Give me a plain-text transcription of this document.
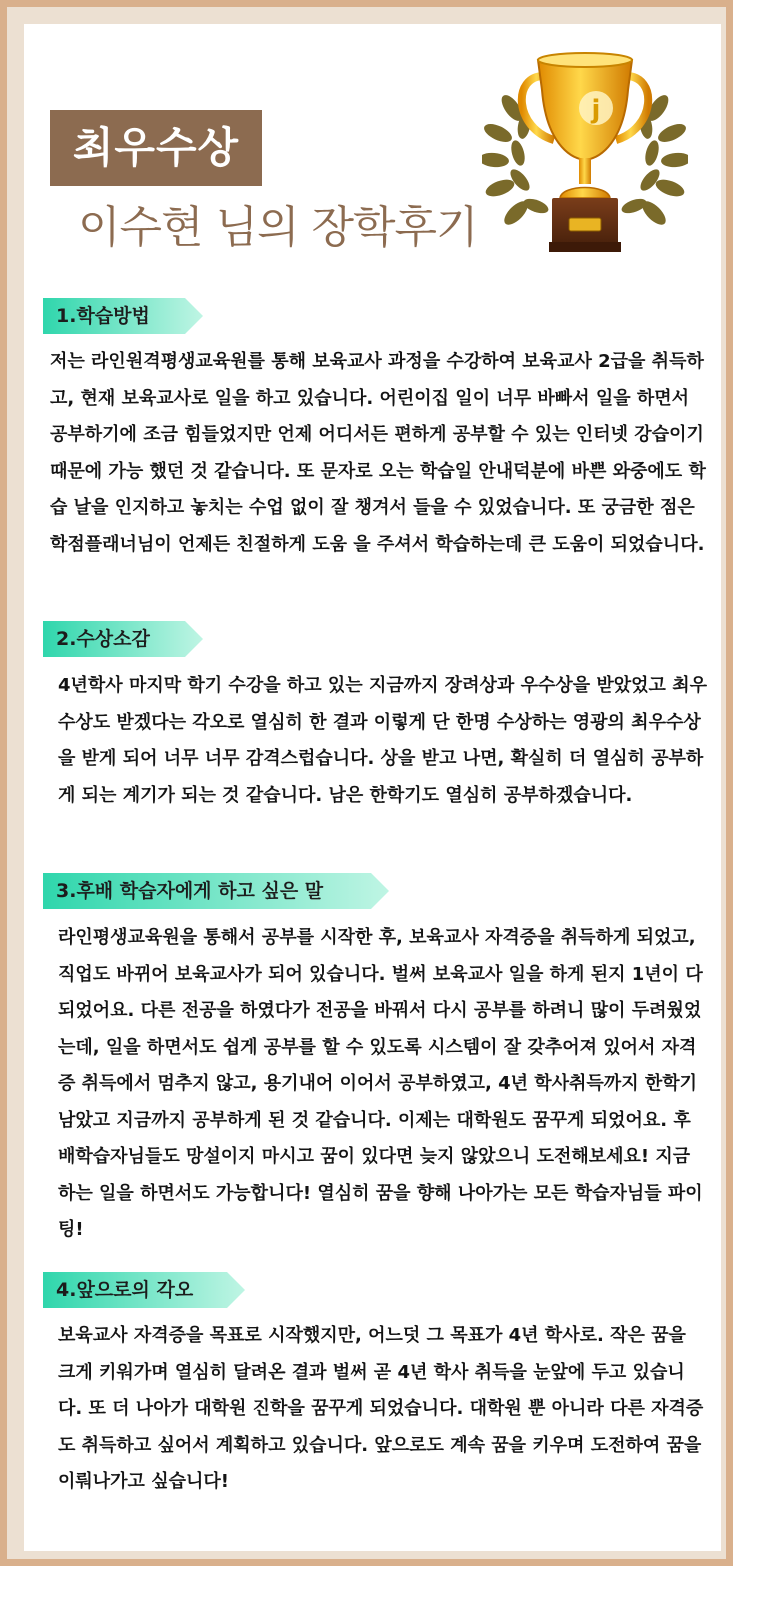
최우수상
이수현 님의 장학후기
j
1.학습방법

저는 라인원격평생교육원를 통해 보육교사 과정을 수강하여 보육교사 2급을 취득하고, 현재 보육교사로 일을 하고 있습니다. 어린이집 일이 너무 바빠서 일을 하면서 공부하기에 조금 힘들었지만 언제 어디서든 편하게 공부할 수 있는 인터넷 강습이기 때문에 가능 했던 것 같습니다. 또 문자로 오는 학습일 안내덕분에 바쁜 와중에도 학습 날을 인지하고 놓치는 수업 없이 잘 챙겨서 들을 수 있었습니다. 또 궁금한 점은 학점플래너님이 언제든 친절하게 도움 을 주셔서 학습하는데 큰 도움이 되었습니다.

2.수상소감

4년학사 마지막 학기 수강을 하고 있는 지금까지 장려상과 우수상을 받았었고 최우수상도 받겠다는 각오로 열심히 한 결과 이렇게 단 한명 수상하는 영광의 최우수상을 받게 되어 너무 너무 감격스럽습니다. 상을 받고 나면, 확실히 더 열심히 공부하게 되는 계기가 되는 것 같습니다. 남은 한학기도 열심히 공부하겠습니다.

3.후배 학습자에게 하고 싶은 말

라인평생교육원을 통해서 공부를 시작한 후, 보육교사 자격증을 취득하게 되었고, 직업도 바뀌어 보육교사가 되어 있습니다. 벌써 보육교사 일을 하게 된지 1년이 다되었어요. 다른 전공을 하였다가 전공을 바꿔서 다시 공부를 하려니 많이 두려웠었는데, 일을 하면서도 쉽게 공부를 할 수 있도록 시스템이 잘 갖추어져 있어서 자격증 취득에서 멈추지 않고, 용기내어 이어서 공부하였고, 4년 학사취득까지 한학기 남았고 지금까지 공부하게 된 것 같습니다. 이제는 대학원도 꿈꾸게 되었어요. 후배학습자님들도 망설이지 마시고 꿈이 있다면 늦지 않았으니 도전해보세요! 지금 하는 일을 하면서도 가능합니다! 열심히 꿈을 향해 나아가는 모든 학습자님들 파이팅!

4.앞으로의 각오

보육교사 자격증을 목표로 시작했지만, 어느덧 그 목표가 4년 학사로. 작은 꿈을 크게 키워가며 열심히 달려온 결과 벌써 곧 4년 학사 취득을 눈앞에 두고 있습니다. 또 더 나아가 대학원 진학을 꿈꾸게 되었습니다. 대학원 뿐 아니라 다른 자격증도 취득하고 싶어서 계획하고 있습니다. 앞으로도 계속 꿈을 키우며 도전하여 꿈을 이뤄나가고 싶습니다!
